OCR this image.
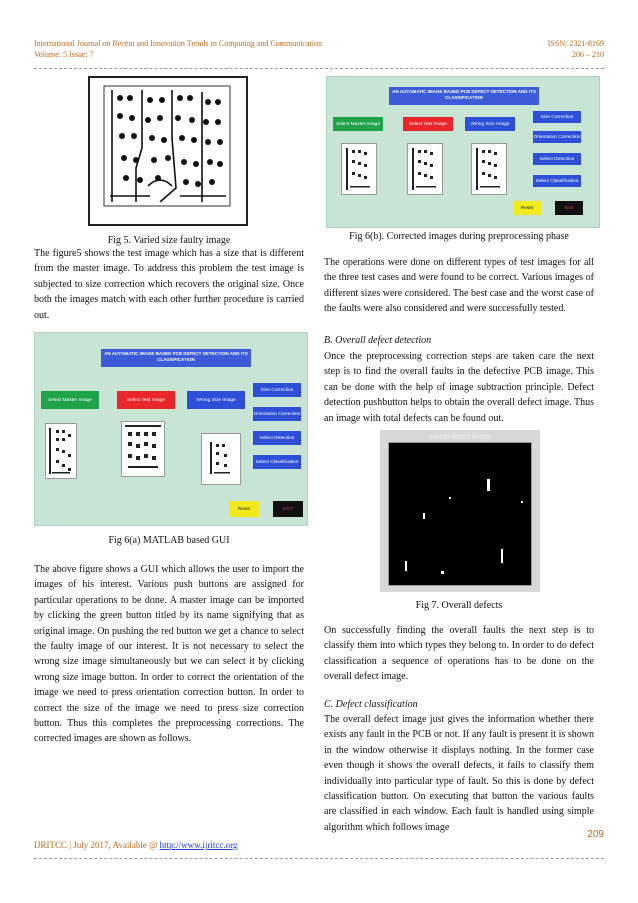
International Journal on Recent and Innovation Trends in Computing and Communication
Volume: 5 Issue: 7
ISSN: 2321-8169
206 – 210
Fig 5. Varied size faulty image

The figure5 shows the test image which has a size that is different from the master image. To address this problem the test image is subjected to size correction which recovers the original size. Once both the images match with each other further procedure is carried out.

AN AUTOMATIC IMAGE BASED PCB DEFECT DETECTION AND ITS CLASSIFICATION
Select Master Image	Select Test Image	Wrong Size Image
Size Correction
Orientation Correction
Select Detection
Select Classification
Reset	EXIT
Fig 6(a) MATLAB based GUI

The above figure shows a GUI which allows the user to import the images of his interest. Various push buttons are assigned for particular operations to be done. A master image can be imported by clicking the green button titled by its name signifying that as original image. On pushing the red button we get a chance to select the faulty image of our interest. It is not necessary to select the wrong size image simultaneously but we can select it by clicking wrong size image button. In order to correct the orientation of the image we need to press orientation correction button. In order to correct the size of the image we need to press size correction button. Thus this completes the preprocessing corrections. The corrected images are shown as follows.

AN AUTOMATIC IMAGE BASED PCB DEFECT DETECTION AND ITS CLASSIFICATION
Select Master Image	Select Test Image	Wiring Size Image
Size Correction
Orientation Correction
Select Detection
Select Classification
Reset	Exit
Fig 6(b). Corrected images during preprocessing phase

The operations were done on different types of test images for all the three test cases and were found to be correct. Various images of different sizes were considered. The best case and the worst case of the faults were also considered and were successfully tested.

B. Overall defect detection

Once the preprocessing correction steps are taken care the next step is to find the overall faults in the defective PCB image. This can be done with the help of image subtraction principle. Defect detection pushbutton helps to obtain the overall defect image. Thus an image with total defects can be found out.

overall defect image
Fig 7. Overall defects

On successfully finding the overall faults the next step is to classify them into which types they belong to. In order to do defect classification a sequence of operations has to be done on the overall defect image.

C. Defect classification

The overall defect image just gives the information whether there exists any fault in the PCB or not. If any fault is present it is shown in the window otherwise it displays nothing. In the former case even though it shows the overall defects, it fails to classify them individually into particular type of fault. So this is done by defect classification button. On executing that button the various faults are classified in each window. Each fault is handled using simple algorithm which follows image

209
IJRITCC | July 2017, Available @ http://www.ijritcc.org
